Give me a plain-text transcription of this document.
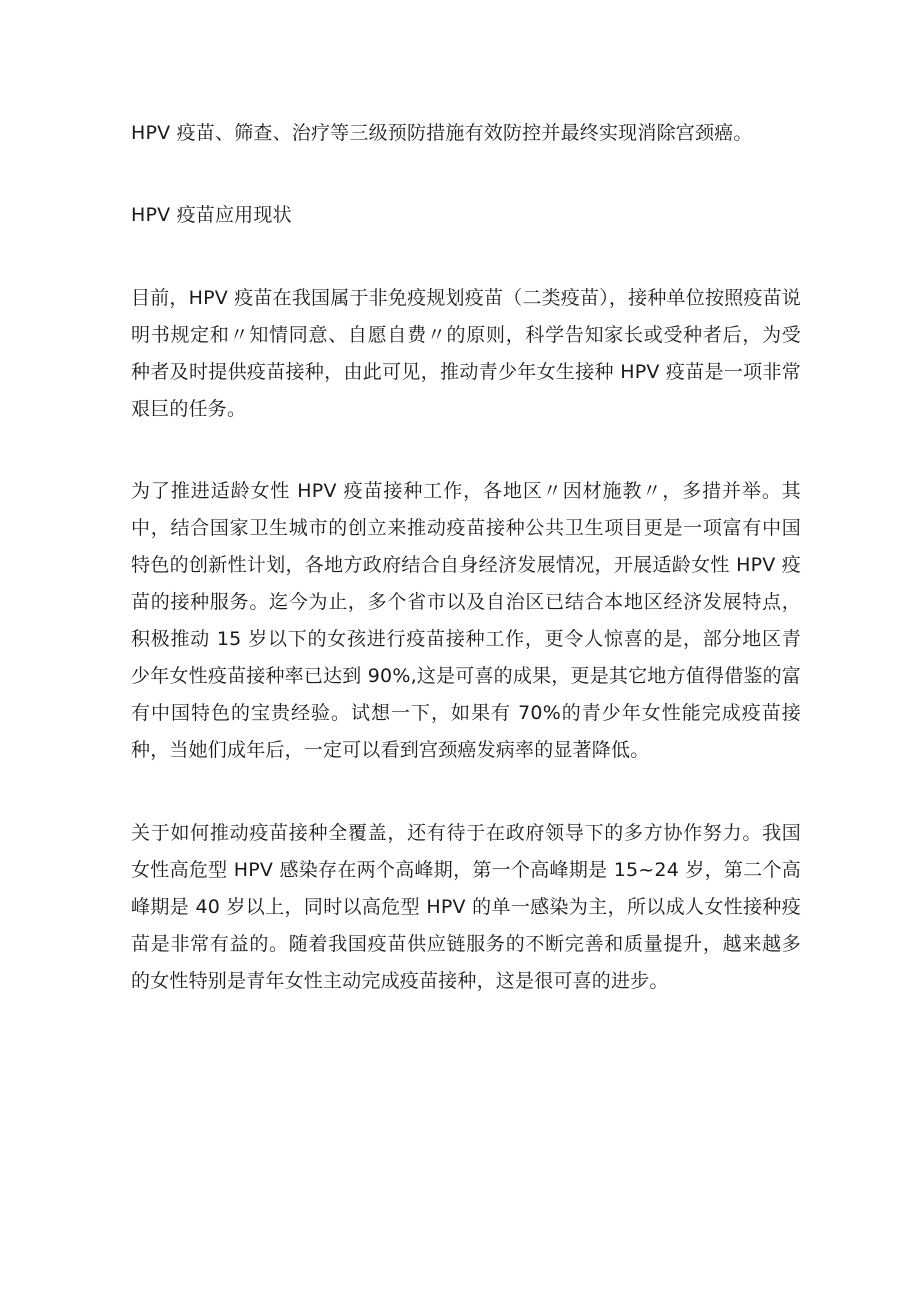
HPV 疫苗、筛查、治疗等三级预防措施有效防控并最终实现消除宫颈癌。

HPV 疫苗应用现状

目前，HPV 疫苗在我国属于非免疫规划疫苗（二类疫苗），接种单位按照疫苗说明书规定和〃知情同意、自愿自费〃的原则，科学告知家长或受种者后，为受种者及时提供疫苗接种，由此可见，推动青少年女生接种 HPV 疫苗是一项非常艰巨的任务。

为了推进适龄女性 HPV 疫苗接种工作，各地区〃因材施教〃，多措并举。其中，结合国家卫生城市的创立来推动疫苗接种公共卫生项目更是一项富有中国特色的创新性计划，各地方政府结合自身经济发展情况，开展适龄女性 HPV 疫苗的接种服务。迄今为止，多个省市以及自治区已结合本地区经济发展特点，积极推动 15 岁以下的女孩进行疫苗接种工作，更令人惊喜的是，部分地区青少年女性疫苗接种率已达到 90%,这是可喜的成果，更是其它地方值得借鉴的富有中国特色的宝贵经验。试想一下，如果有 70%的青少年女性能完成疫苗接种，当她们成年后，一定可以看到宫颈癌发病率的显著降低。

关于如何推动疫苗接种全覆盖，还有待于在政府领导下的多方协作努力。我国女性高危型 HPV 感染存在两个高峰期，第一个高峰期是 15~24 岁，第二个高峰期是 40 岁以上，同时以高危型 HPV 的单一感染为主，所以成人女性接种疫苗是非常有益的。随着我国疫苗供应链服务的不断完善和质量提升，越来越多的女性特别是青年女性主动完成疫苗接种，这是很可喜的进步。
